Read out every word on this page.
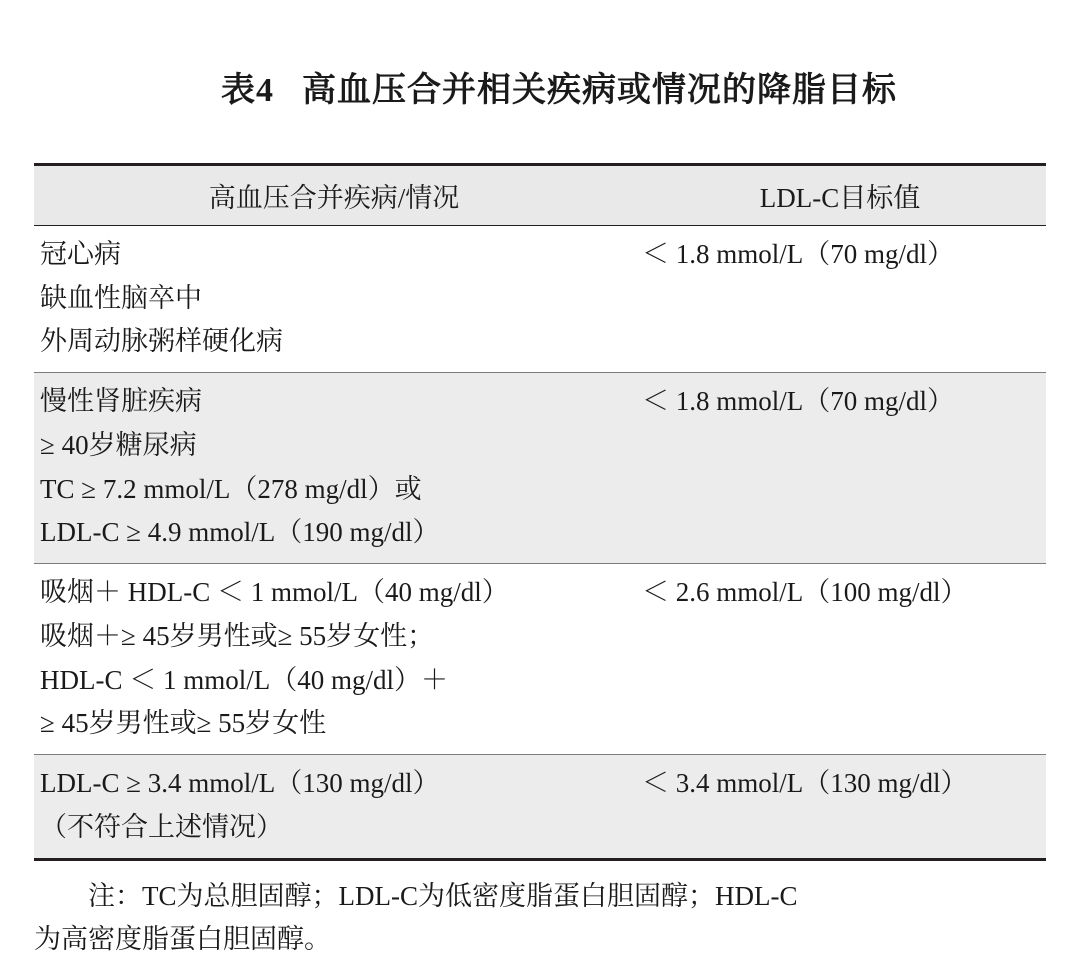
表4 高血压合并相关疾病或情况的降脂目标

高血压合并疾病/情况	LDL-C目标值

冠心病
缺血性脑卒中
外周动脉粥样硬化病	＜ 1.8 mmol/L（70 mg/dl）

慢性肾脏疾病
≥ 40岁糖尿病
TC ≥ 7.2 mmol/L（278 mg/dl）或
LDL-C ≥ 4.9 mmol/L（190 mg/dl）	＜ 1.8 mmol/L（70 mg/dl）

吸烟＋ HDL-C ＜ 1 mmol/L（40 mg/dl）
吸烟＋≥ 45岁男性或≥ 55岁女性；
HDL-C ＜ 1 mmol/L（40 mg/dl）＋
≥ 45岁男性或≥ 55岁女性	＜ 2.6 mmol/L（100 mg/dl）

LDL-C ≥ 3.4 mmol/L（130 mg/dl）
（不符合上述情况）	＜ 3.4 mmol/L（130 mg/dl）
注：TC为总胆固醇；LDL-C为低密度脂蛋白胆固醇；HDL-C
为高密度脂蛋白胆固醇。
